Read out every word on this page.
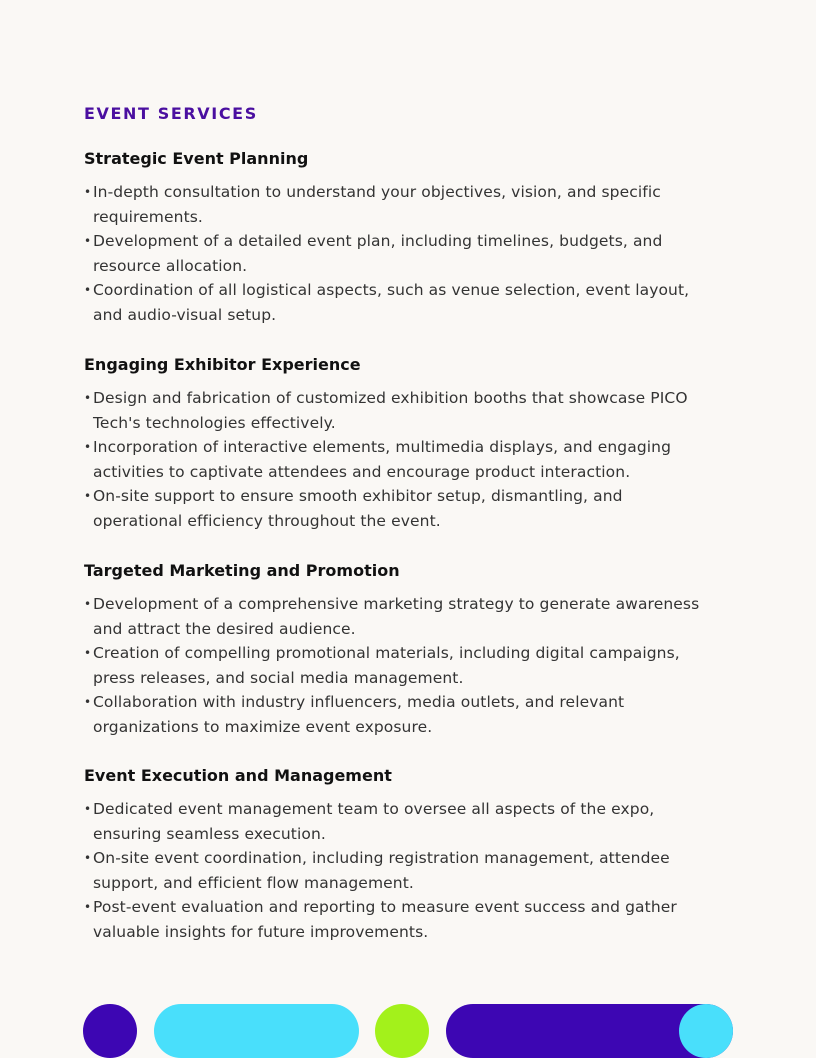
EVENT SERVICES
Strategic Event Planning
• In-depth consultation to understand your objectives, vision, and specific requirements.
• Development of a detailed event plan, including timelines, budgets, and resource allocation.
• Coordination of all logistical aspects, such as venue selection, event layout, and audio-visual setup.
Engaging Exhibitor Experience
• Design and fabrication of customized exhibition booths that showcase PICO Tech's technologies effectively.
• Incorporation of interactive elements, multimedia displays, and engaging activities to captivate attendees and encourage product interaction.
• On-site support to ensure smooth exhibitor setup, dismantling, and operational efficiency throughout the event.
Targeted Marketing and Promotion
• Development of a comprehensive marketing strategy to generate awareness and attract the desired audience.
• Creation of compelling promotional materials, including digital campaigns, press releases, and social media management.
• Collaboration with industry influencers, media outlets, and relevant organizations to maximize event exposure.
Event Execution and Management
• Dedicated event management team to oversee all aspects of the expo, ensuring seamless execution.
• On-site event coordination, including registration management, attendee support, and efficient flow management.
• Post-event evaluation and reporting to measure event success and gather valuable insights for future improvements.
